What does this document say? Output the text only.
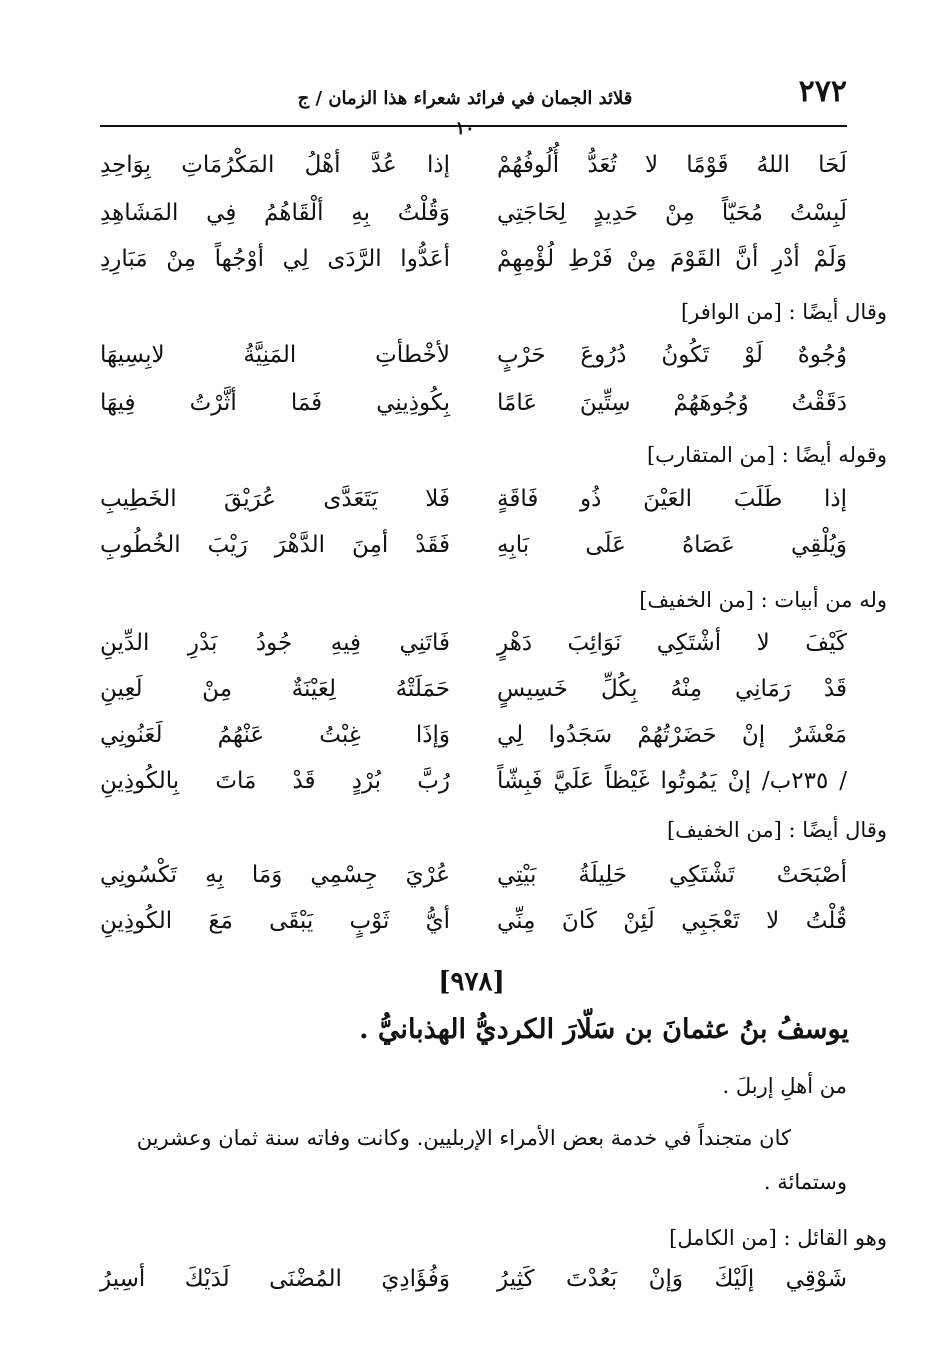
٢٧٢
قلائد الجمان في فرائد شعراء هذا الزمان / ج ١٠
لَحَا اللهُ قَوْمًا لا تُعَدُّ أُلُوفُهُمْ
إذا عُدَّ أهْلُ المَكْرُمَاتِ بِوَاحِدِ
لَبِسْتُ مُحَيّاً مِنْ حَدِيدٍ لِحَاجَتِي
وَقُلْتُ بِهِ ألْقَاهُمُ فِي المَشَاهِدِ
وَلَمْ أدْرِ أنَّ القَوْمَ مِنْ فَرْطِ لُؤْمِهِمْ
أعَدُّوا الرَّدَى لِي أوْجُهاً مِنْ مَبَارِدِ
وقال أيضًا : [من الوافر]
وُجُوهٌ لَوْ تَكُونُ دُرُوعَ حَرْبٍ
لأخْطأتِ المَنِيَّةُ لابِسِيهَا
دَقَقْتُ وُجُوهَهُمْ سِتِّينَ عَامًا
بِكُوذِينِي فَمَا أثَّرْتُ فِيهَا
وقوله أيضًا : [من المتقارب]
إذا طَلَبَ العَيْنَ ذُو فَاقَةٍ
فَلا يَتَعَدَّى عُرَيْقَ الخَطِيبِ
وَيُلْقِي عَصَاهُ عَلَى بَابِهِ
فَقَدْ أمِنَ الدَّهْرَ رَيْبَ الخُطُوبِ
وله من أبيات : [من الخفيف]
كَيْفَ لا أشْتَكِي نَوَائِبَ دَهْرٍ
فَاتَنِي فِيهِ جُودُ بَدْرِ الدِّينِ
قَدْ رَمَانِي مِنْهُ بِكُلِّ خَسِيسٍ
حَمَلَتْهُ لِعَيْنَةٌ مِنْ لَعِينِ
مَعْشَرٌ إنْ حَضَرْتُهُمْ سَجَدُوا لِي
وَإذَا غِبْتُ عَنْهُمُ لَعَنُونِي
/ ٢٣٥ب/ إنْ يَمُوتُوا غَيْظاً عَلَيَّ فَبِشّاً
رُبَّ بُرْدٍ قَدْ مَاتَ بِالكُوذِينِ
وقال أيضًا : [من الخفيف]
أصْبَحَتْ تَشْتَكِي حَلِيلَةُ بَيْتِي
عُرْيَ جِسْمِي وَمَا بِهِ تَكْسُونِي
قُلْتُ لا تَعْجَبِي لَئِنْ كَانَ مِنِّي
أيُّ ثَوْبٍ يَبْقَى مَعَ الكُوذِينِ
[٩٧٨]
يوسفُ بنُ عثمانَ بن سَلّارَ الكرديُّ الهذبانيُّ .
من أهلِ إربلَ .
كان متجنداً في خدمة بعض الأمراء الإربليين. وكانت وفاته سنة ثمان وعشرين وستمائة .
وهو القائل : [من الكامل]
شَوْقِي إلَيْكَ وَإنْ بَعُدْتَ كَثِيرُ
وَفُؤَادِيَ المُضْنَى لَدَيْكَ أسِيرُ
